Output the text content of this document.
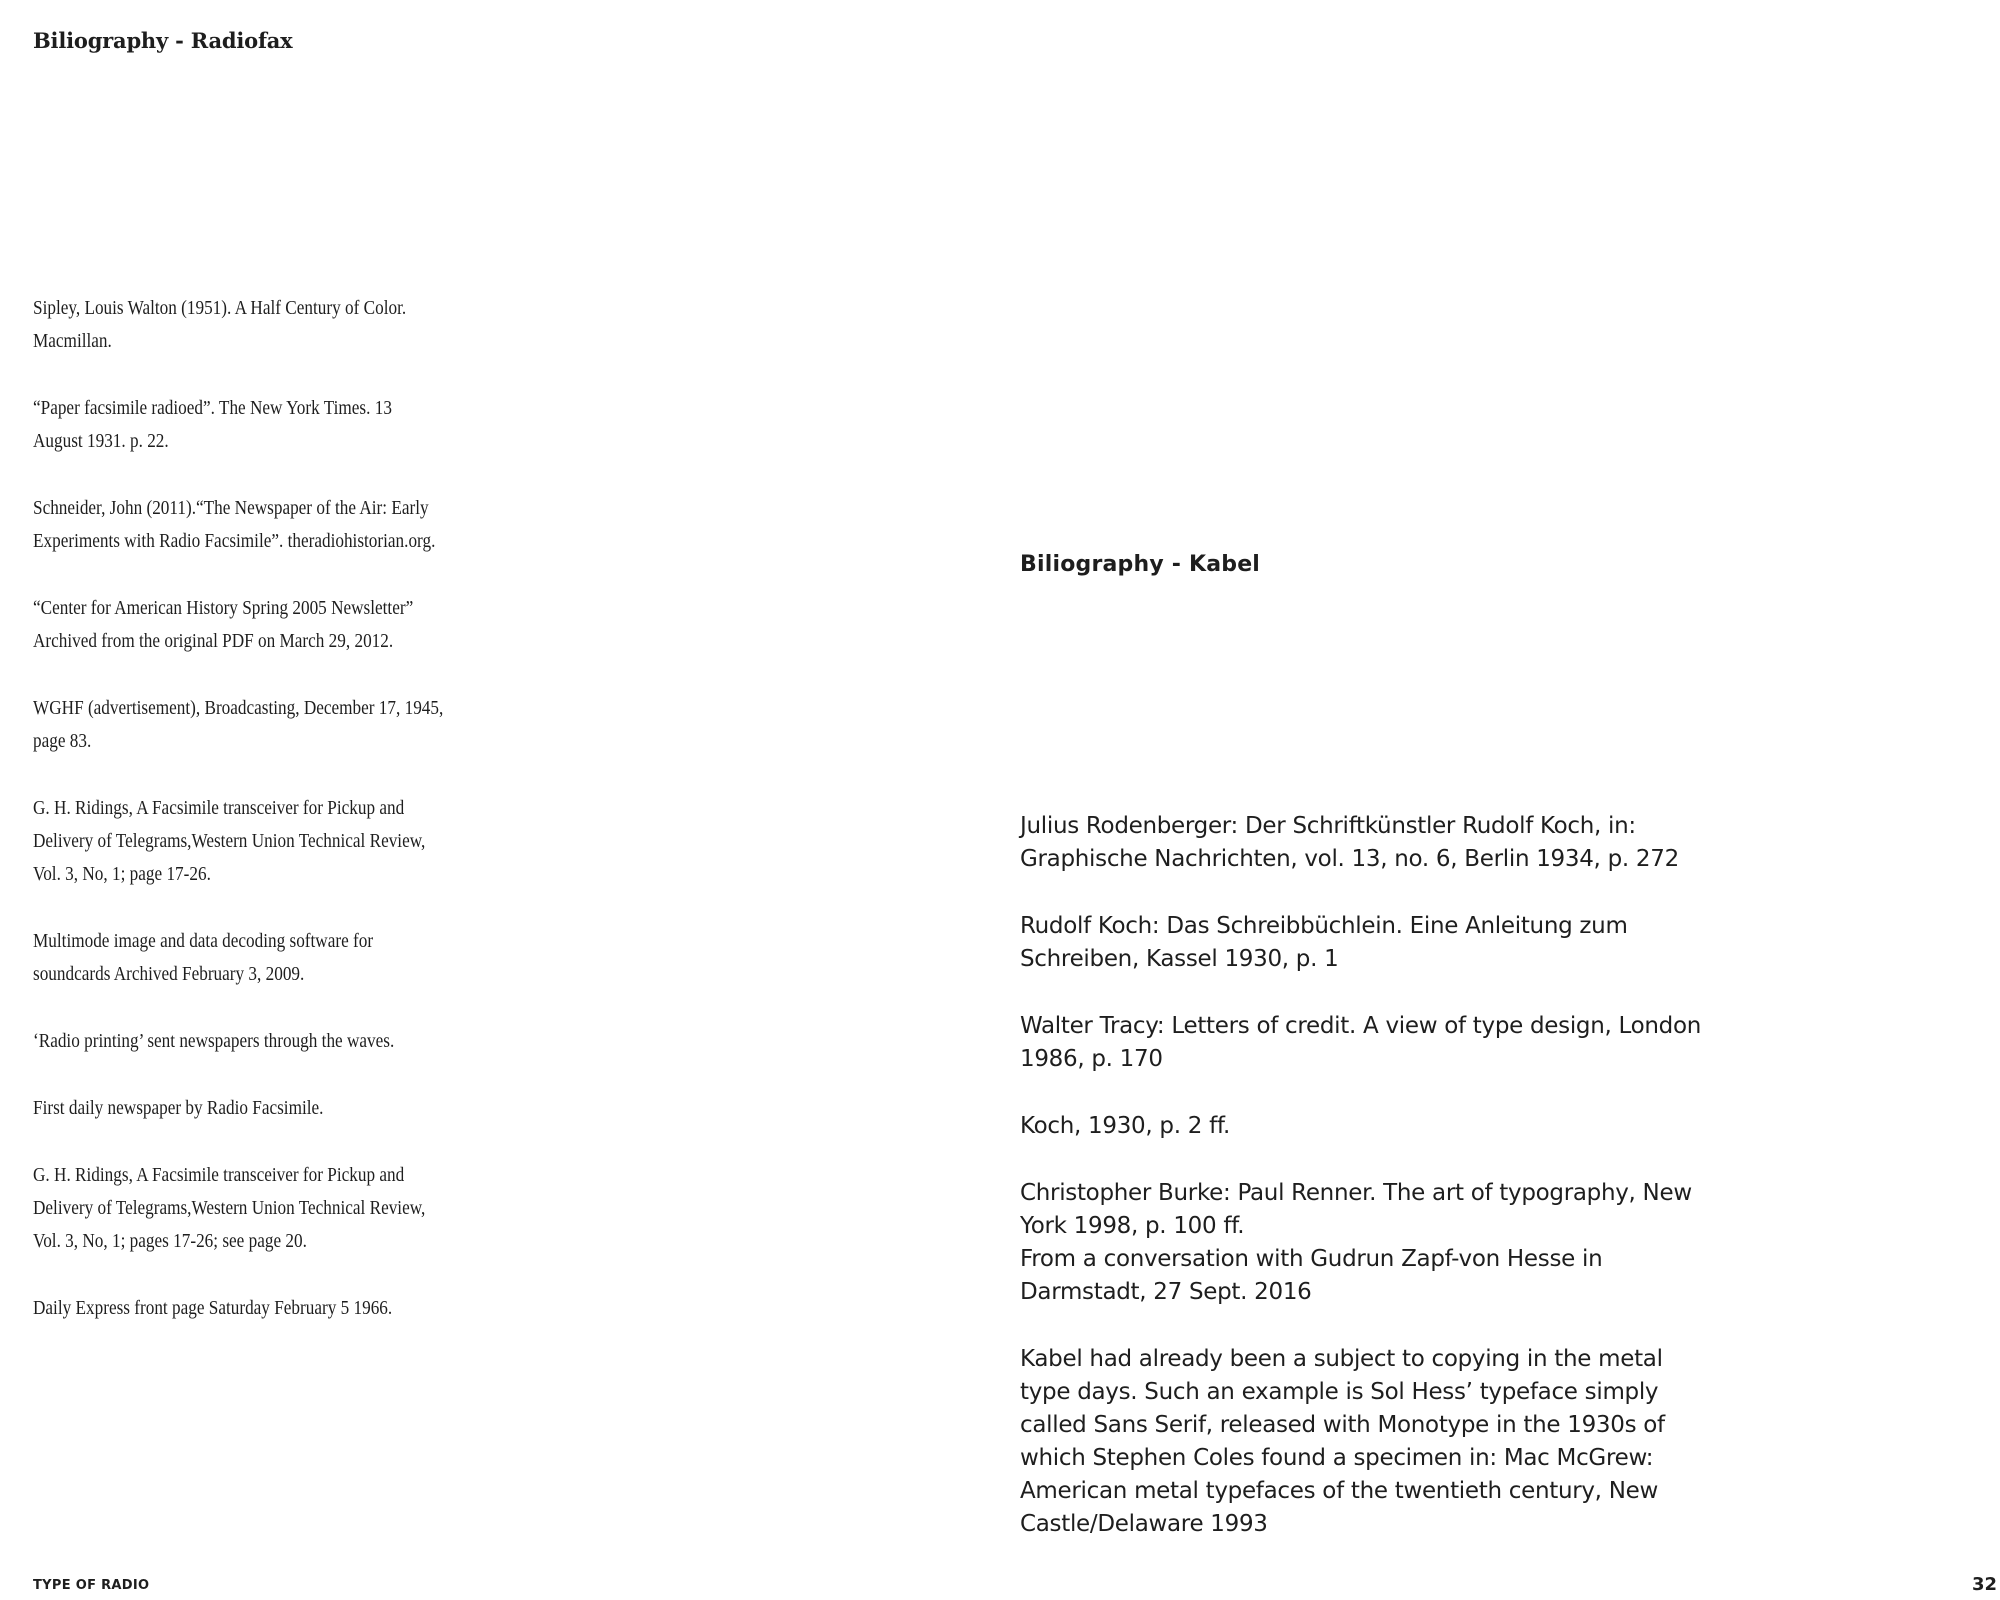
Biliography - Radiofax

Sipley, Louis Walton (1951). A Half Century of Color.
Macmillan.

“Paper facsimile radioed”. The New York Times. 13
August 1931. p. 22.

Schneider, John (2011).“The Newspaper of the Air: Early
Experiments with Radio Facsimile”. theradiohistorian.org.

“Center for American History Spring 2005 Newsletter”
Archived from the original PDF on March 29, 2012.

WGHF (advertisement), Broadcasting, December 17, 1945,
page 83.

G. H. Ridings, A Facsimile transceiver for Pickup and
Delivery of Telegrams,Western Union Technical Review,
Vol. 3, No, 1; page 17-26.

Multimode image and data decoding software for
soundcards Archived February 3, 2009.

‘Radio printing’ sent newspapers through the waves.

First daily newspaper by Radio Facsimile.

G. H. Ridings, A Facsimile transceiver for Pickup and
Delivery of Telegrams,Western Union Technical Review,
Vol. 3, No, 1; pages 17-26; see page 20.

Daily Express front page Saturday February 5 1966.

Biliography - Kabel

Julius Rodenberger: Der Schriftkünstler Rudolf Koch, in:
Graphische Nachrichten, vol. 13, no. 6, Berlin 1934, p. 272

Rudolf Koch: Das Schreibbüchlein. Eine Anleitung zum
Schreiben, Kassel 1930, p. 1

Walter Tracy: Letters of credit. A view of type design, London
1986, p. 170

Koch, 1930, p. 2 ff.

Christopher Burke: Paul Renner. The art of typography, New
York 1998, p. 100 ff.

From a conversation with Gudrun Zapf-von Hesse in
Darmstadt, 27 Sept. 2016

Kabel had already been a subject to copying in the metal
type days. Such an example is Sol Hess’ typeface simply
called Sans Serif, released with Monotype in the 1930s of
which Stephen Coles found a specimen in: Mac McGrew:
American metal typefaces of the twentieth century, New
Castle/Delaware 1993

TYPE OF RADIO	32
